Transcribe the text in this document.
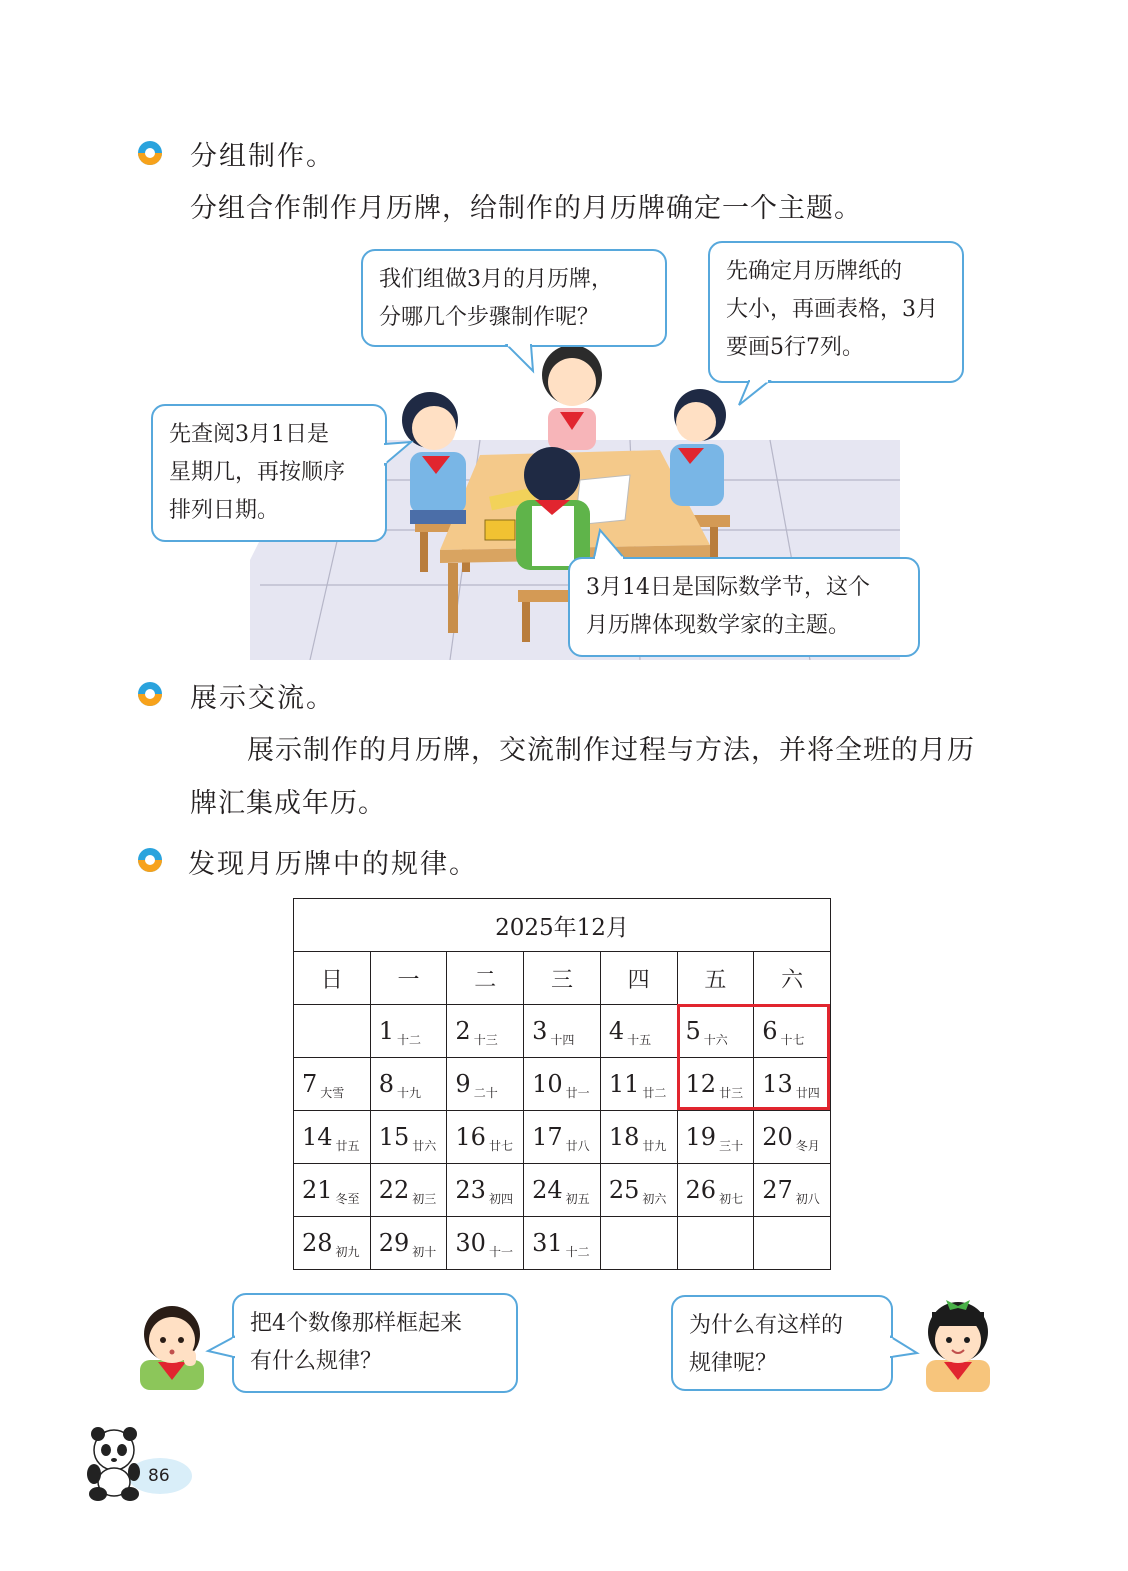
分组制作。
分组合作制作月历牌，给制作的月历牌确定一个主题。
我们组做3月的月历牌，
分哪几个步骤制作呢？
先确定月历牌纸的
大小，再画表格，3月
要画5行7列。
先查阅3月1日是
星期几，再按顺序
排列日期。
3月14日是国际数学节，这个
月历牌体现数学家的主题。
展示交流。
展示制作的月历牌，交流制作过程与方法，并将全班的月历
牌汇集成年历。
发现月历牌中的规律。
2025年12月						
日	一	二	三	四	五	六
	1 $_{十二}$	2 $_{十三}$	3 $_{十四}$	4 $_{十五}$	5 $_{十六}$	6 $_{十七}$
7 $_{大雪}$	8 $_{十九}$	9 $_{二十}$	10 $_{廿一}$	11 $_{廿二}$	12 $_{廿三}$	13 $_{廿四}$
14 $_{廿五}$	15 $_{廿六}$	16 $_{廿七}$	17 $_{廿八}$	18 $_{廿九}$	19 $_{三十}$	20 $_{冬月}$
21 $_{冬至}$	22 $_{初三}$	23 $_{初四}$	24 $_{初五}$	25 $_{初六}$	26 $_{初七}$	27 $_{初八}$
28 $_{初九}$	29 $_{初十}$	30 $_{十一}$	31 $_{十二}$			
把4个数像那样框起来
有什么规律？
为什么有这样的
规律呢？
86
